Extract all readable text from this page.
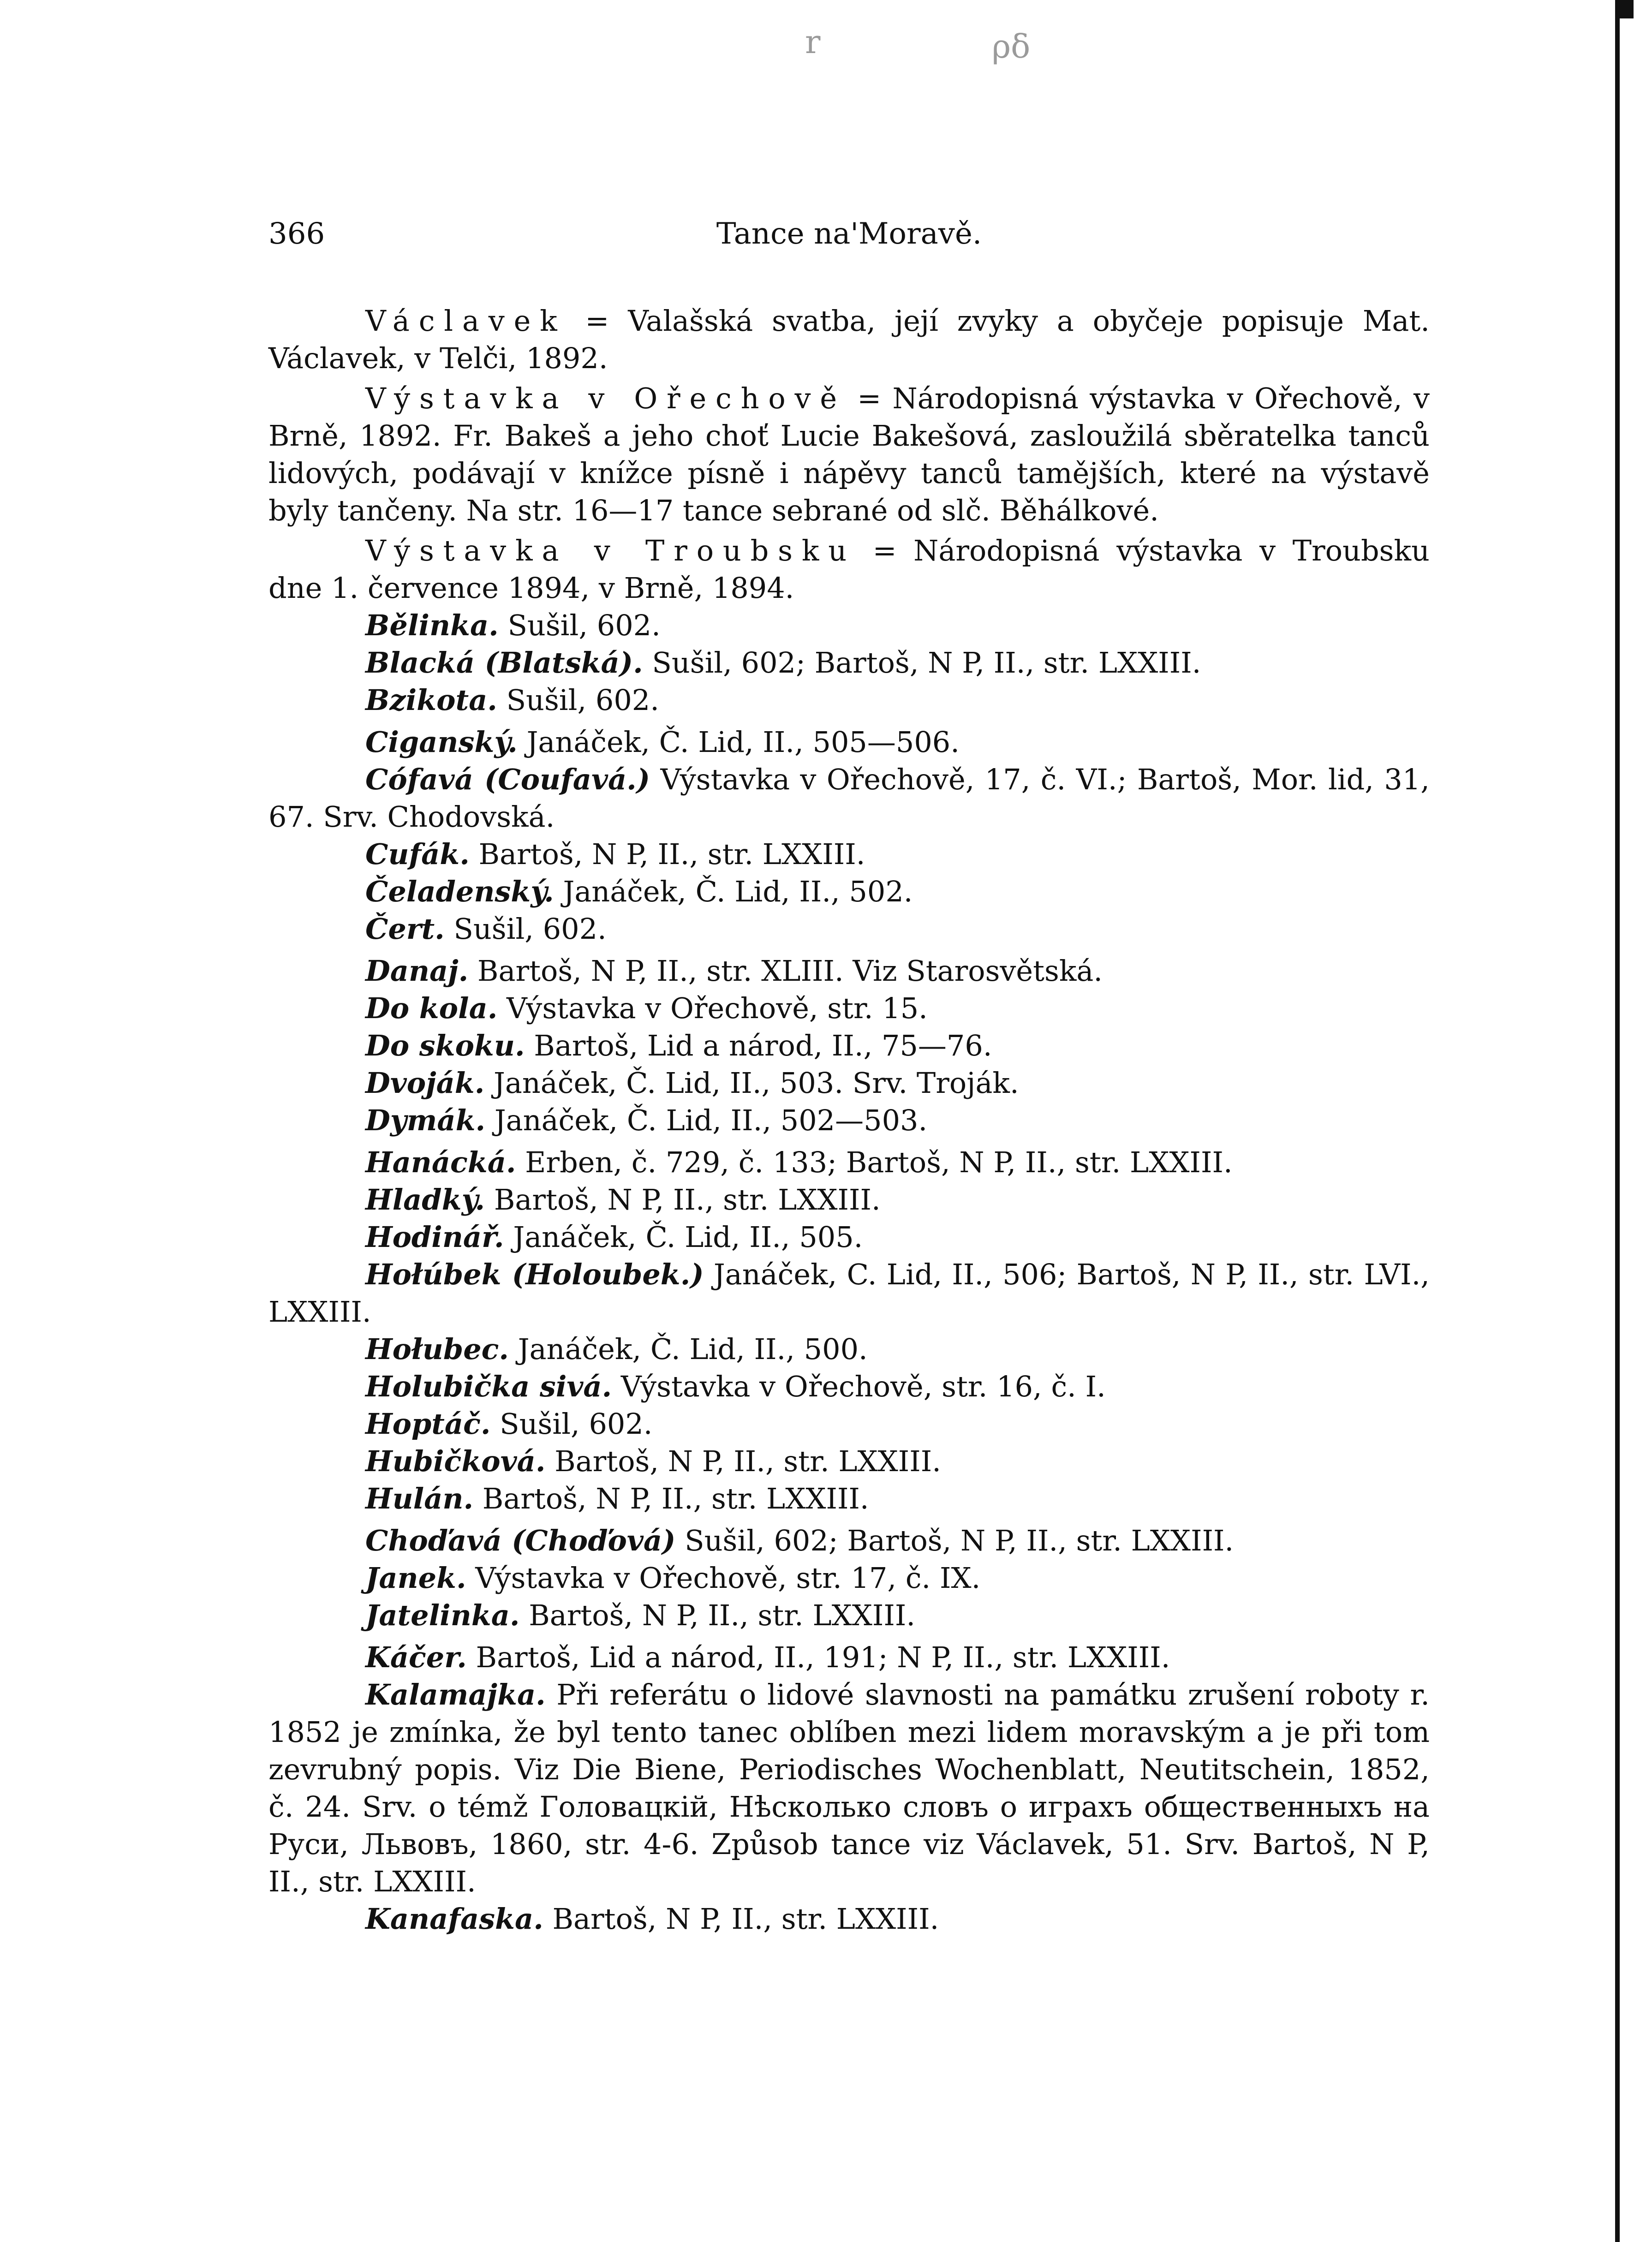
r	ρδ
366	Tance na'Moravě.

Václavek = Valašská svatba, její zvyky a obyčeje popisuje Mat. Václavek, v Telči, 1892.

Výstavka v Ořechově = Národopisná výstavka v Ořechově, v Brně, 1892. Fr. Bakeš a jeho choť Lucie Bakešová, zasloužilá sběratelka tanců lidových, podávají v knížce písně i nápěvy tanců tamějších, které na výstavě byly tančeny. Na str. 16—17 tance sebrané od slč. Běhálkové.

Výstavka v Troubsku = Národopisná výstavka v Troubsku dne 1. července 1894, v Brně, 1894.

Bělinka. Sušil, 602.

Blacká (Blatská). Sušil, 602; Bartoš, N P, II., str. LXXIII.

Bzikota. Sušil, 602.

Ciganský. Janáček, Č. Lid, II., 505—506.

Cófavá (Coufavá.) Výstavka v Ořechově, 17, č. VI.; Bartoš, Mor. lid, 31, 67. Srv. Chodovská.

Cufák. Bartoš, N P, II., str. LXXIII.

Čeladenský. Janáček, Č. Lid, II., 502.

Čert. Sušil, 602.

Danaj. Bartoš, N P, II., str. XLIII. Viz Starosvětská.

Do kola. Výstavka v Ořechově, str. 15.

Do skoku. Bartoš, Lid a národ, II., 75—76.

Dvoják. Janáček, Č. Lid, II., 503. Srv. Troják.

Dymák. Janáček, Č. Lid, II., 502—503.

Hanácká. Erben, č. 729, č. 133; Bartoš, N P, II., str. LXXIII.

Hladký. Bartoš, N P, II., str. LXXIII.

Hodinář. Janáček, Č. Lid, II., 505.

Hołúbek (Holoubek.) Janáček, C. Lid, II., 506; Bartoš, N P, II., str. LVI., LXXIII.

Hołubec. Janáček, Č. Lid, II., 500.

Holubička sivá. Výstavka v Ořechově, str. 16, č. I.

Hoptáč. Sušil, 602.

Hubičková. Bartoš, N P, II., str. LXXIII.

Hulán. Bartoš, N P, II., str. LXXIII.

Choďavá (Choďová) Sušil, 602; Bartoš, N P, II., str. LXXIII.

Janek. Výstavka v Ořechově, str. 17, č. IX.

Jatelinka. Bartoš, N P, II., str. LXXIII.

Káčer. Bartoš, Lid a národ, II., 191; N P, II., str. LXXIII.

Kalamajka. Při referátu o lidové slavnosti na památku zrušení roboty r. 1852 je zmínka, že byl tento tanec oblíben mezi lidem moravským a je při tom zevrubný popis. Viz Die Biene, Periodisches Wochenblatt, Neutitschein, 1852, č. 24. Srv. o témž Головацкій, Нѣсколько словъ о играхъ общественныхъ на Руси, Львовъ, 1860, str. 4-6. Způsob tance viz Václavek, 51. Srv. Bartoš, N P, II., str. LXXIII.

Kanafaska. Bartoš, N P, II., str. LXXIII.
